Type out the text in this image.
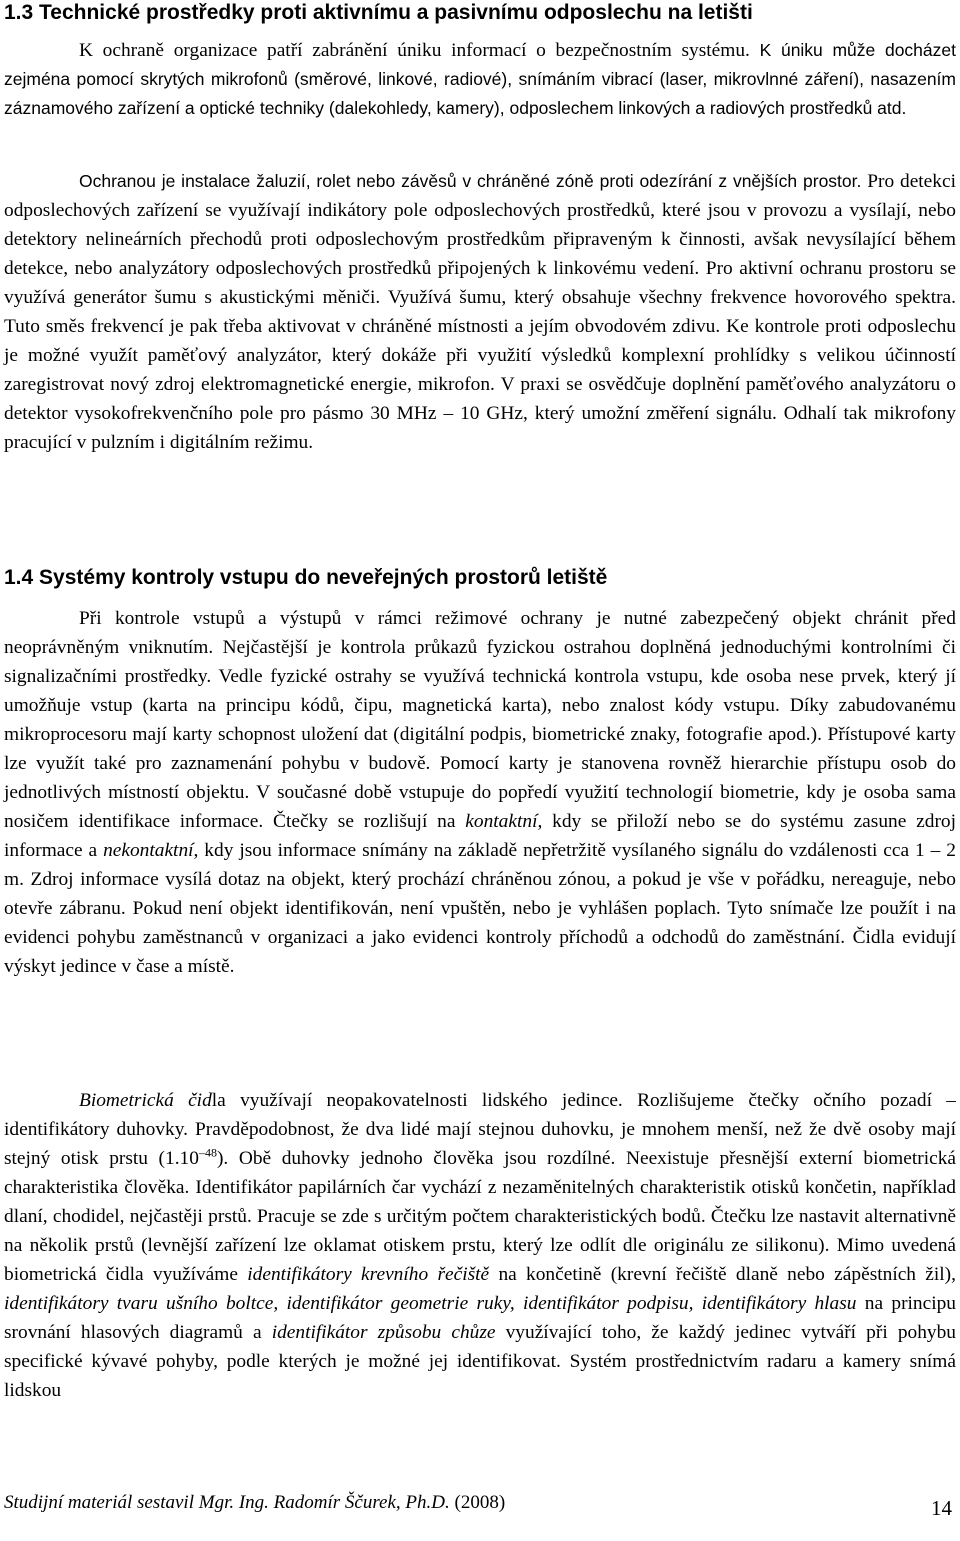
1.3 Technické prostředky proti aktivnímu a pasivnímu odposlechu na letišti

K ochraně organizace patří zabránění úniku informací o bezpečnostním systému. K úniku může docházet zejména pomocí skrytých mikrofonů (směrové, linkové, radiové), snímáním vibrací (laser, mikrovlnné záření), nasazením záznamového zařízení a optické techniky (dalekohledy, kamery), odposlechem linkových a radiových prostředků atd.

Ochranou je instalace žaluzií, rolet nebo závěsů v chráněné zóně proti odezírání z vnějších prostor. Pro detekci odposlechových zařízení se využívají indikátory pole odposlechových prostředků, které jsou v provozu a vysílají, nebo detektory nelineárních přechodů proti odposlechovým prostředkům připraveným k činnosti, avšak nevysílající během detekce, nebo analyzátory odposlechových prostředků připojených k linkovému vedení. Pro aktivní ochranu prostoru se využívá generátor šumu s akustickými měniči. Využívá šumu, který obsahuje všechny frekvence hovorového spektra. Tuto směs frekvencí je pak třeba aktivovat v chráněné místnosti a jejím obvodovém zdivu. Ke kontrole proti odposlechu je možné využít paměťový analyzátor, který dokáže při využití výsledků komplexní prohlídky s velikou účinností zaregistrovat nový zdroj elektromagnetické energie, mikrofon. V praxi se osvědčuje doplnění paměťového analyzátoru o detektor vysokofrekvenčního pole pro pásmo 30 MHz – 10 GHz, který umožní změření signálu. Odhalí tak mikrofony pracující v pulzním i digitálním režimu.

1.4 Systémy kontroly vstupu do neveřejných prostorů letiště

Při kontrole vstupů a výstupů v rámci režimové ochrany je nutné zabezpečený objekt chránit před neoprávněným vniknutím. Nejčastější je kontrola průkazů fyzickou ostrahou doplněná jednoduchými kontrolními či signalizačními prostředky. Vedle fyzické ostrahy se využívá technická kontrola vstupu, kde osoba nese prvek, který jí umožňuje vstup (karta na principu kódů, čipu, magnetická karta), nebo znalost kódy vstupu. Díky zabudovanému mikroprocesoru mají karty schopnost uložení dat (digitální podpis, biometrické znaky, fotografie apod.). Přístupové karty lze využít také pro zaznamenání pohybu v budově. Pomocí karty je stanovena rovněž hierarchie přístupu osob do jednotlivých místností objektu. V současné době vstupuje do popředí využití technologií biometrie, kdy je osoba sama nosičem identifikace informace. Čtečky se rozlišují na kontaktní, kdy se přiloží nebo se do systému zasune zdroj informace a nekontaktní, kdy jsou informace snímány na základě nepřetržitě vysílaného signálu do vzdálenosti cca 1 – 2 m. Zdroj informace vysílá dotaz na objekt, který prochází chráněnou zónou, a pokud je vše v pořádku, nereaguje, nebo otevře zábranu. Pokud není objekt identifikován, není vpuštěn, nebo je vyhlášen poplach. Tyto snímače lze použít i na evidenci pohybu zaměstnanců v organizaci a jako evidenci kontroly příchodů a odchodů do zaměstnání. Čidla evidují výskyt jedince v čase a místě.

Biometrická čidla využívají neopakovatelnosti lidského jedince. Rozlišujeme čtečky očního pozadí – identifikátory duhovky. Pravděpodobnost, že dva lidé mají stejnou duhovku, je mnohem menší, než že dvě osoby mají stejný otisk prstu $(1.10^{-48})$. Obě duhovky jednoho člověka jsou rozdílné. Neexistuje přesnější externí biometrická charakteristika člověka. Identifikátor papilárních čar vychází z nezaměnitelných charakteristik otisků končetin, například dlaní, chodidel, nejčastěji prstů. Pracuje se zde s určitým počtem charakteristických bodů. Čtečku lze nastavit alternativně na několik prstů (levnější zařízení lze oklamat otiskem prstu, který lze odlít dle originálu ze silikonu). Mimo uvedená biometrická čidla využíváme identifikátory krevního řečiště na končetině (krevní řečiště dlaně nebo zápěstních žil), identifikátory tvaru ušního boltce, identifikátor geometrie ruky, identifikátor podpisu, identifikátory hlasu na principu srovnání hlasových diagramů a identifikátor způsobu chůze využívající toho, že každý jedinec vytváří při pohybu specifické kývavé pohyby, podle kterých je možné jej identifikovat. Systém prostřednictvím radaru a kamery snímá lidskou

Studijní materiál sestavil Mgr. Ing. Radomír Ščurek, Ph.D. (2008)	14
